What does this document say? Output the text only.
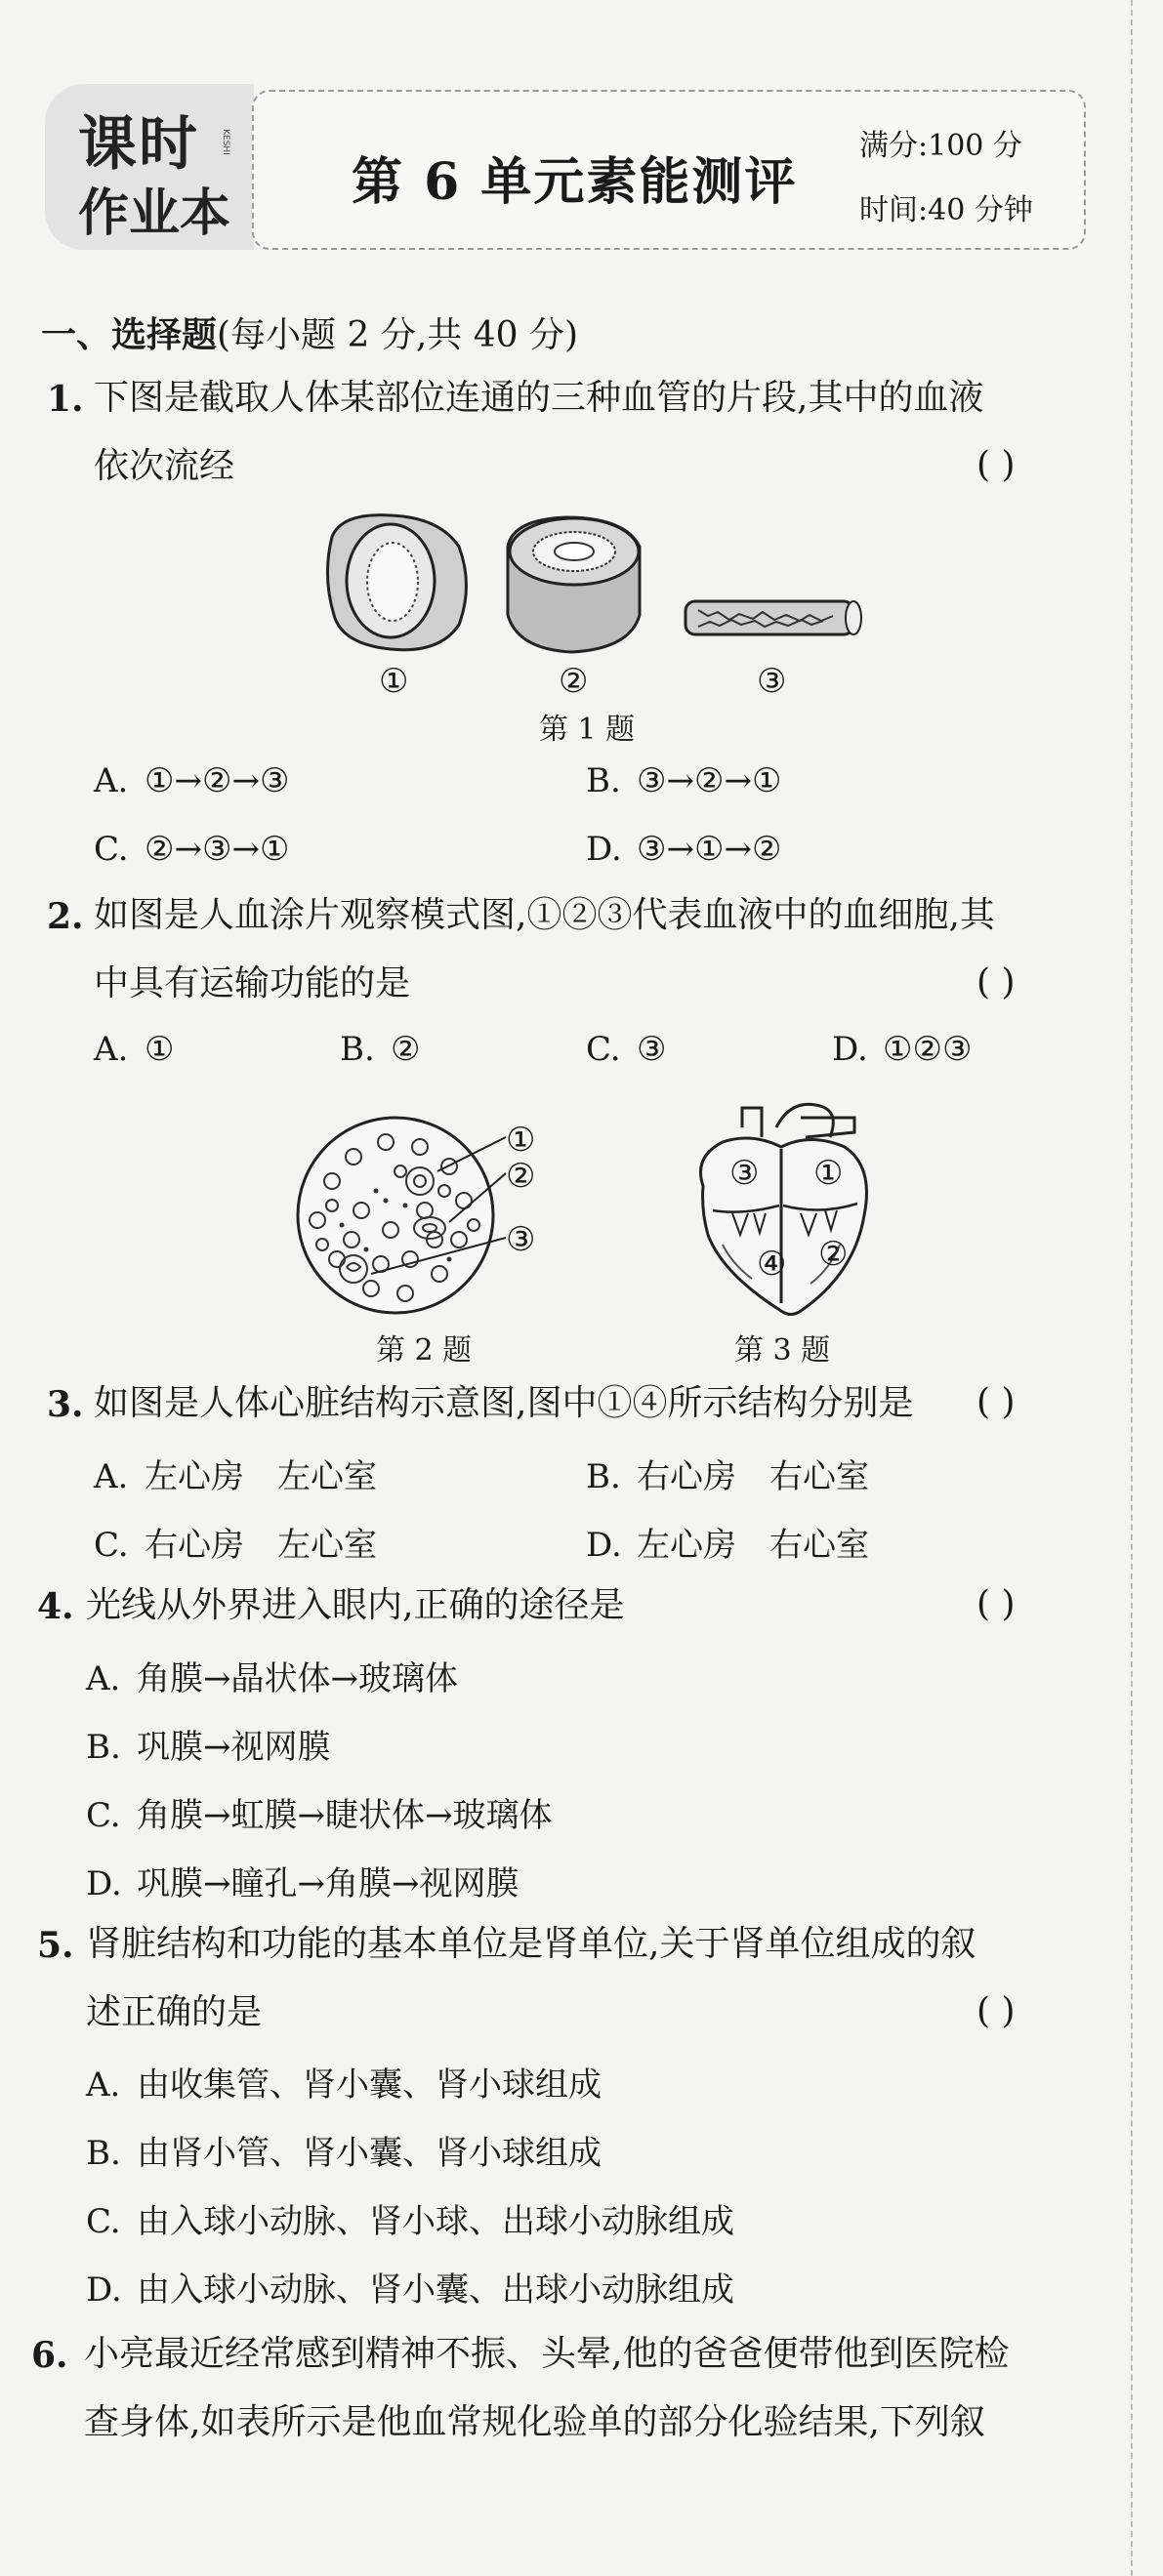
课时 KESHI
作业本
第 6 单元素能测评
满分:100 分
时间:40 分钟
一、选择题(每小题 2 分,共 40 分)
1. 下图是截取人体某部位连通的三种血管的片段,其中的血液
依次流经	( )
①	②	③
第 1 题
A. ①→②→③	B. ③→②→①
C. ②→③→①	D. ③→①→②
2. 如图是人血涂片观察模式图,①②③代表血液中的血细胞,其
中具有运输功能的是	( )
A. ①	B. ②	C. ③	D. ①②③
①
②
③
第 2 题
③ ①
④ ②
第 3 题
3. 如图是人体心脏结构示意图,图中①④所示结构分别是 ( )
A. 左心房　左心室	B. 右心房　右心室
C. 右心房　左心室	D. 左心房　右心室
4. 光线从外界进入眼内,正确的途径是	( )
A. 角膜→晶状体→玻璃体
B. 巩膜→视网膜
C. 角膜→虹膜→睫状体→玻璃体
D. 巩膜→瞳孔→角膜→视网膜
5. 肾脏结构和功能的基本单位是肾单位,关于肾单位组成的叙
述正确的是	( )
A. 由收集管、肾小囊、肾小球组成
B. 由肾小管、肾小囊、肾小球组成
C. 由入球小动脉、肾小球、出球小动脉组成
D. 由入球小动脉、肾小囊、出球小动脉组成
6. 小亮最近经常感到精神不振、头晕,他的爸爸便带他到医院检
查身体,如表所示是他血常规化验单的部分化验结果,下列叙
